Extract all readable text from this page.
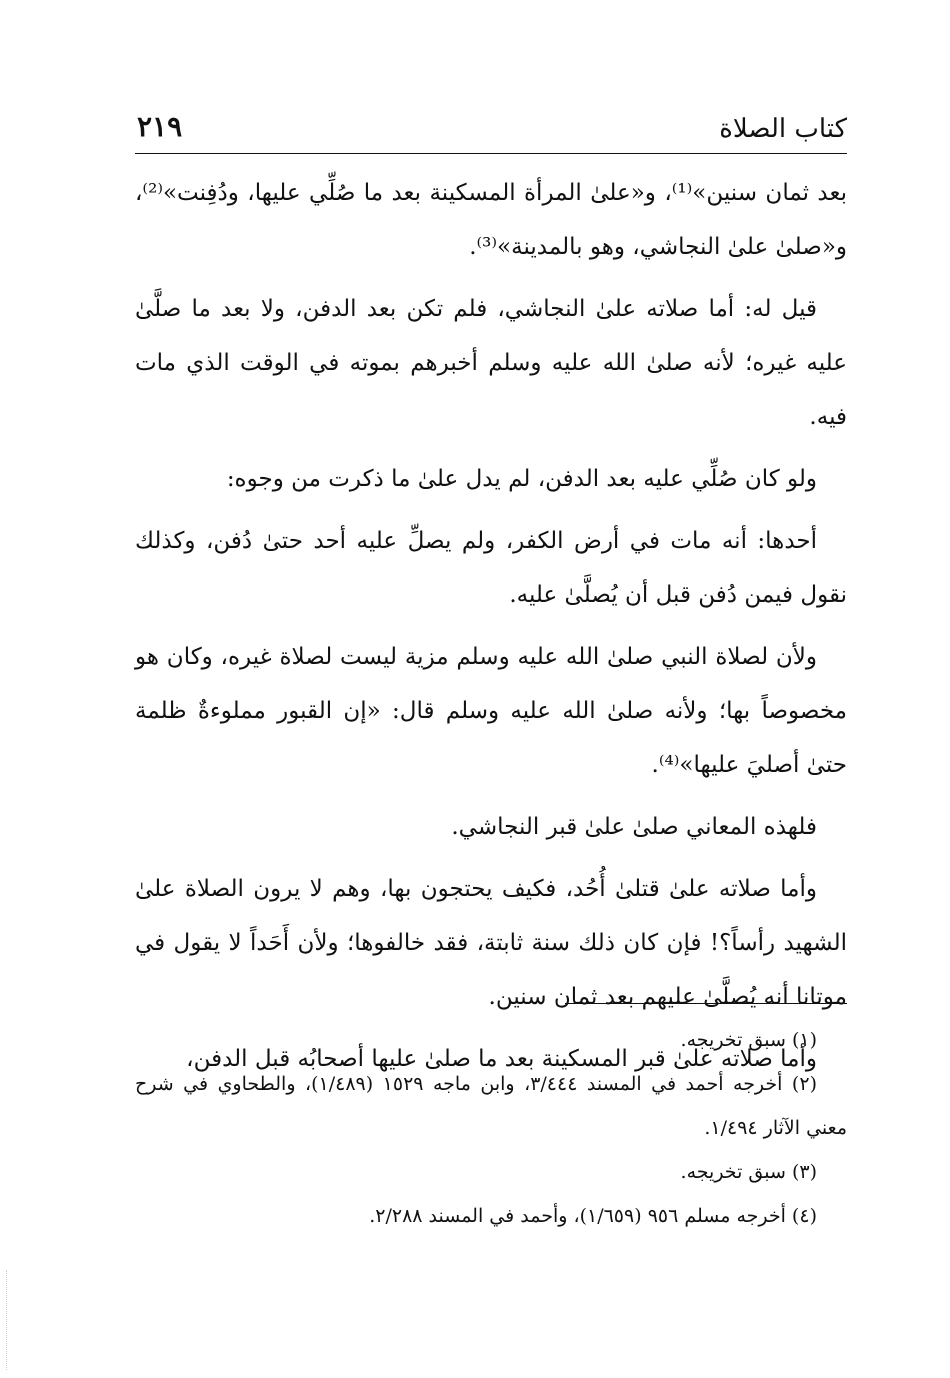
كتاب الصلاة
٢١٩

بعد ثمان سنين»⁽¹⁾، و«علىٰ المرأة المسكينة بعد ما صُلِّي عليها، ودُفِنت»⁽²⁾، و«صلىٰ علىٰ النجاشي، وهو بالمدينة»⁽³⁾.

قيل له: أما صلاته علىٰ النجاشي، فلم تكن بعد الدفن، ولا بعد ما صلَّىٰ عليه غيره؛ لأنه صلىٰ الله عليه وسلم أخبرهم بموته في الوقت الذي مات فيه.

ولو كان صُلِّي عليه بعد الدفن، لم يدل علىٰ ما ذكرت من وجوه:

أحدها: أنه مات في أرض الكفر، ولم يصلِّ عليه أحد حتىٰ دُفن، وكذلك نقول فيمن دُفن قبل أن يُصلَّىٰ عليه.

ولأن لصلاة النبي صلىٰ الله عليه وسلم مزية ليست لصلاة غيره، وكان هو مخصوصاً بها؛ ولأنه صلىٰ الله عليه وسلم قال: «إن القبور مملوءةٌ ظلمة حتىٰ أصليَ عليها»⁽⁴⁾.

فلهذه المعاني صلىٰ علىٰ قبر النجاشي.

وأما صلاته علىٰ قتلىٰ أُحُد، فكيف يحتجون بها، وهم لا يرون الصلاة علىٰ الشهيد رأساً؟! فإن كان ذلك سنة ثابتة، فقد خالفوها؛ ولأن أَحَداً لا يقول في موتانا أنه يُصلَّىٰ عليهم بعد ثمان سنين.

وأما صلاته علىٰ قبر المسكينة بعد ما صلىٰ عليها أصحابُه قبل الدفن،

(١) سبق تخريجه.

(٢) أخرجه أحمد في المسند ٣/٤٤٤، وابن ماجه ١٥٢٩ (١/٤٨٩)، والطحاوي في شرح معني الآثار ١/٤٩٤.

(٣) سبق تخريجه.

(٤) أخرجه مسلم ٩٥٦ (١/٦٥٩)، وأحمد في المسند ٢/٢٨٨.
